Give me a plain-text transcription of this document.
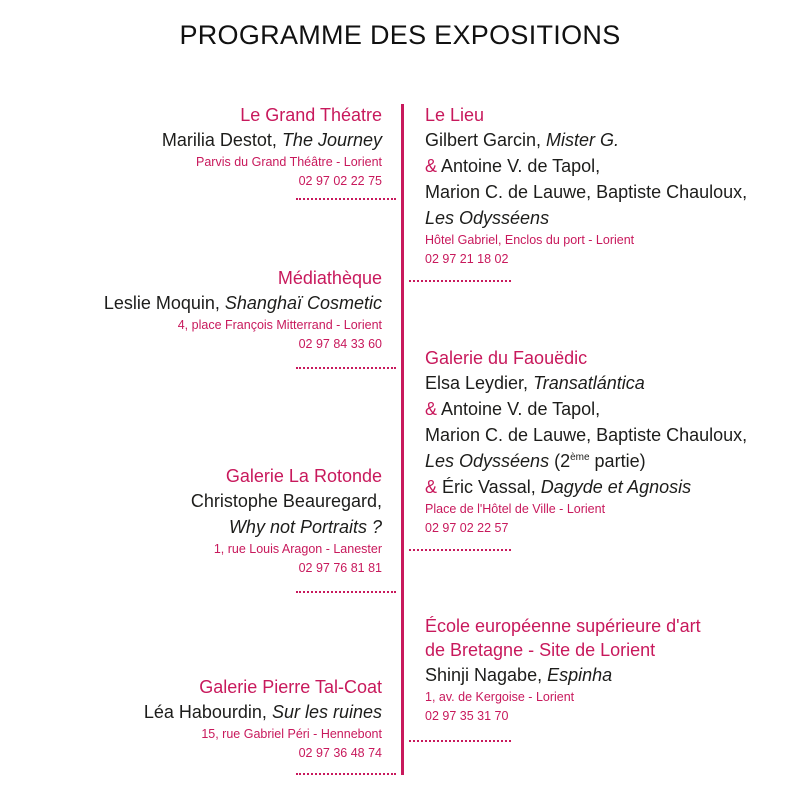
PROGRAMME DES EXPOSITIONS
Le Grand Théatre
Marilia Destot, The Journey
Parvis du Grand Théâtre - Lorient
02 97 02 22 75
Médiathèque
Leslie Moquin, Shanghaï Cosmetic
4, place François Mitterrand - Lorient
02 97 84 33 60
Galerie La Rotonde
Christophe Beauregard,
Why not Portraits ?
1, rue Louis Aragon - Lanester
02 97 76 81 81
Galerie Pierre Tal-Coat
Léa Habourdin, Sur les ruines
15, rue Gabriel Péri - Hennebont
02 97 36 48 74
Le Lieu
Gilbert Garcin, Mister G.
& Antoine V. de Tapol,
Marion C. de Lauwe, Baptiste Chauloux,
Les Odysséens
Hôtel Gabriel, Enclos du port - Lorient
02 97 21 18 02
Galerie du Faouëdic
Elsa Leydier, Transatlántica
& Antoine V. de Tapol,
Marion C. de Lauwe, Baptiste Chauloux,
Les Odysséens (2ème partie)
& Éric Vassal, Dagyde et Agnosis
Place de l'Hôtel de Ville - Lorient
02 97 02 22 57
École européenne supérieure d'art
de Bretagne - Site de Lorient
Shinji Nagabe, Espinha
1, av. de Kergoise - Lorient
02 97 35 31 70
